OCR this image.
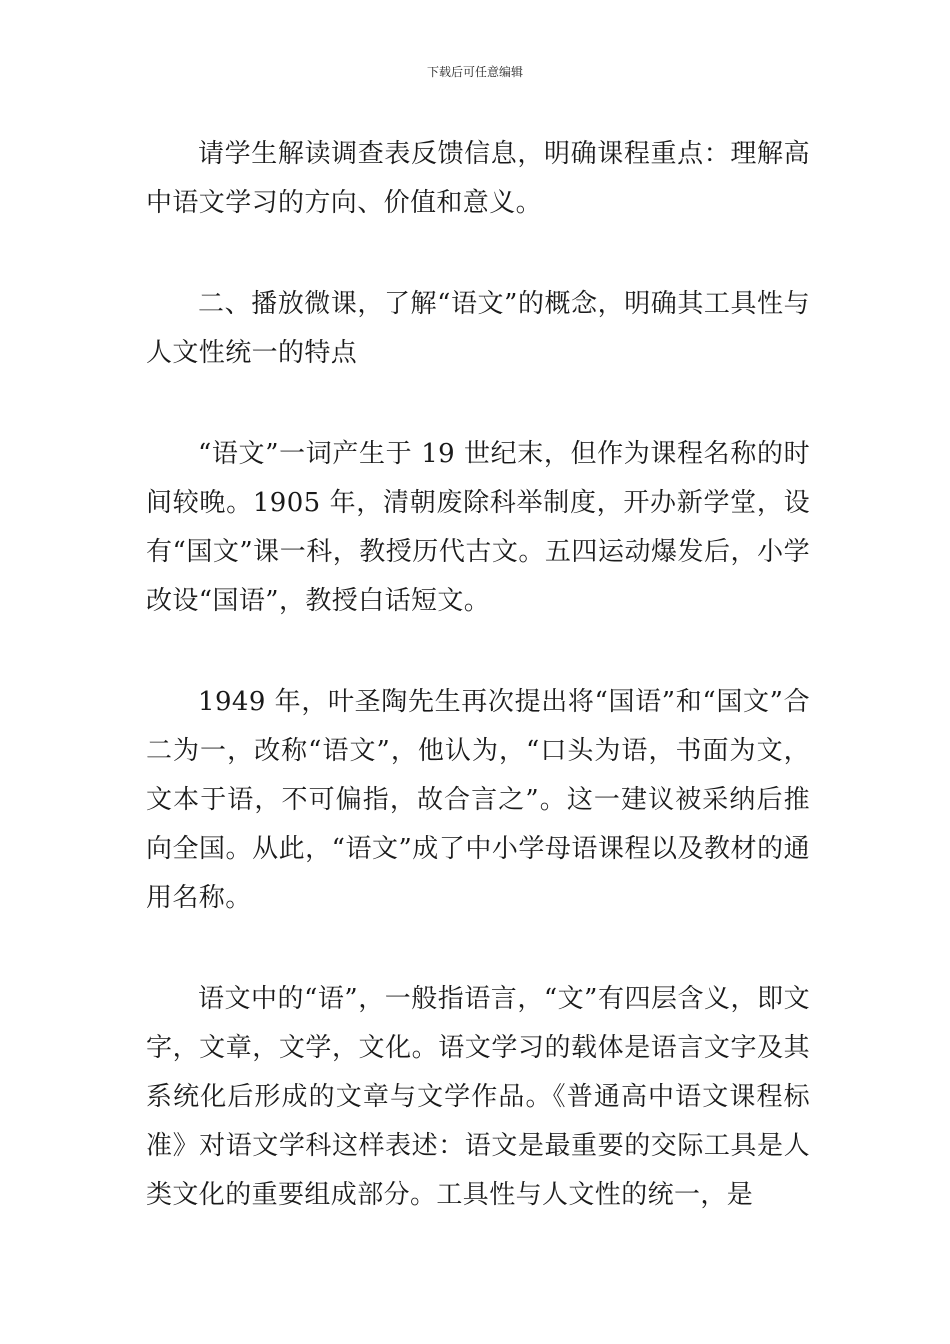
下载后可任意编辑

请学生解读调查表反馈信息，明确课程重点：理解高中语文学习的方向、价值和意义。

二、播放微课，了解“语文”的概念，明确其工具性与人文性统一的特点

“语文”一词产生于 19 世纪末，但作为课程名称的时间较晚。1905 年，清朝废除科举制度，开办新学堂，设有“国文”课一科，教授历代古文。五四运动爆发后，小学改设“国语”，教授白话短文。

1949 年，叶圣陶先生再次提出将“国语”和“国文”合二为一，改称“语文”，他认为，“口头为语，书面为文，文本于语，不可偏指，故合言之”。这一建议被采纳后推向全国。从此，“语文”成了中小学母语课程以及教材的通用名称。

语文中的“语”，一般指语言，“文”有四层含义，即文字，文章，文学，文化。语文学习的载体是语言文字及其系统化后形成的文章与文学作品。《普通高中语文课程标准》对语文学科这样表述：语文是最重要的交际工具是人类文化的重要组成部分。工具性与人文性的统一，是
